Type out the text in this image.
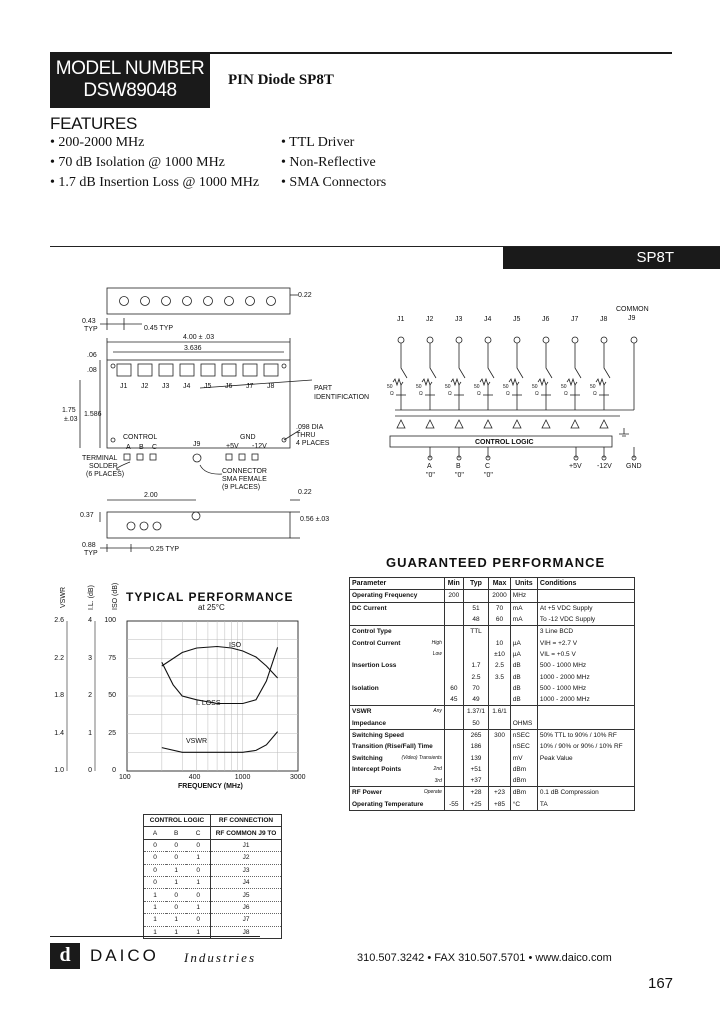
MODEL NUMBER
DSW89048	PIN Diode SP8T
FEATURES
• 200-2000 MHz
• 70 dB Isolation @ 1000 MHz
• 1.7 dB Insertion Loss @ 1000 MHz
• TTL Driver
• Non-Reflective
• SMA Connectors
SP8T
0.22
0.43
TYP	0.45 TYP
4.00 ± .03
3.636
.06
.08
1.75
±.03
1.586
J1 J2 J3 J4 J5 J6 J7 J8	PART
IDENTIFICATION
CONTROL
A B C	J9
GND
+5V -12V
.098 DIA
THRU
4 PLACES
TERMINAL
SOLDER
(6 PLACES)	CONNECTOR
SMA FEMALE
(9 PLACES)
2.00	0.22
0.37
0.56 ±.03
0.88
TYP
0.25 TYP
J1
50
Ω
J2
50
Ω
J3
50
Ω
J4
50
Ω
J5
50
Ω
J6
50
Ω
J7
50
Ω
J8
50
Ω
COMMON
J9
CONTROL LOGIC
A	B	C	+5V -12V GND
"0"	"0"	"0"
TYPICAL PERFORMANCE
at 25°C
VSWR	I.L. (dB) ISO (dB)
FREQUENCY (MHz)
2.6
2.2
1.8
1.4
1.0
4
3
2
1
0
100
75
50
25
0
100	400	1000	3000
ISO
I. LOSS
VSWR
GUARANTEED PERFORMANCE
Parameter	Min	Typ	Max	Units	Conditions
Operating Frequency	200		2000	MHz	
DC Current		51	70	mA	At +5 VDC Supply

		48	60	mA	To -12 VDC Supply
Control Type		TTL			3 Line BCD
Control Current High			10	µA	VIH = +2.7 V

Low			±10	µA	VIL = +0.5 V
Insertion Loss		1.7	2.5	dB	500 - 1000 MHz

		2.5	3.5	dB	1000 - 2000 MHz
Isolation	60	70		dB	500 - 1000 MHz

	45	49		dB	1000 - 2000 MHz
VSWR Any		1.37/1	1.6/1		
Impedance		50		OHMS	
Switching Speed		265	300	nSEC	50% TTL to 90% / 10% RF
Transition (Rise/Fall) Time		186		nSEC	10% / 90% or 90% / 10% RF
Switching (Video) Transients		139		mV	Peak Value
Intercept Points 2nd		+51		dBm	

3rd		+37		dBm	
RF Power Operate		+28	+23	dBm	0.1 dB Compression
Operating Temperature	-55	+25	+85	°C	TA
CONTROL LOGIC			RF CONNECTION
A	B	C	RF COMMON J9 TO
0	0	0	J1
0	0	1	J2
0	1	0	J3
0	1	1	J4
1	0	0	J5
1	0	1	J6
1	1	0	J7
1	1	1	J8
d	DAICO Industries	310.507.3242 • FAX 310.507.5701 • www.daico.com
167
